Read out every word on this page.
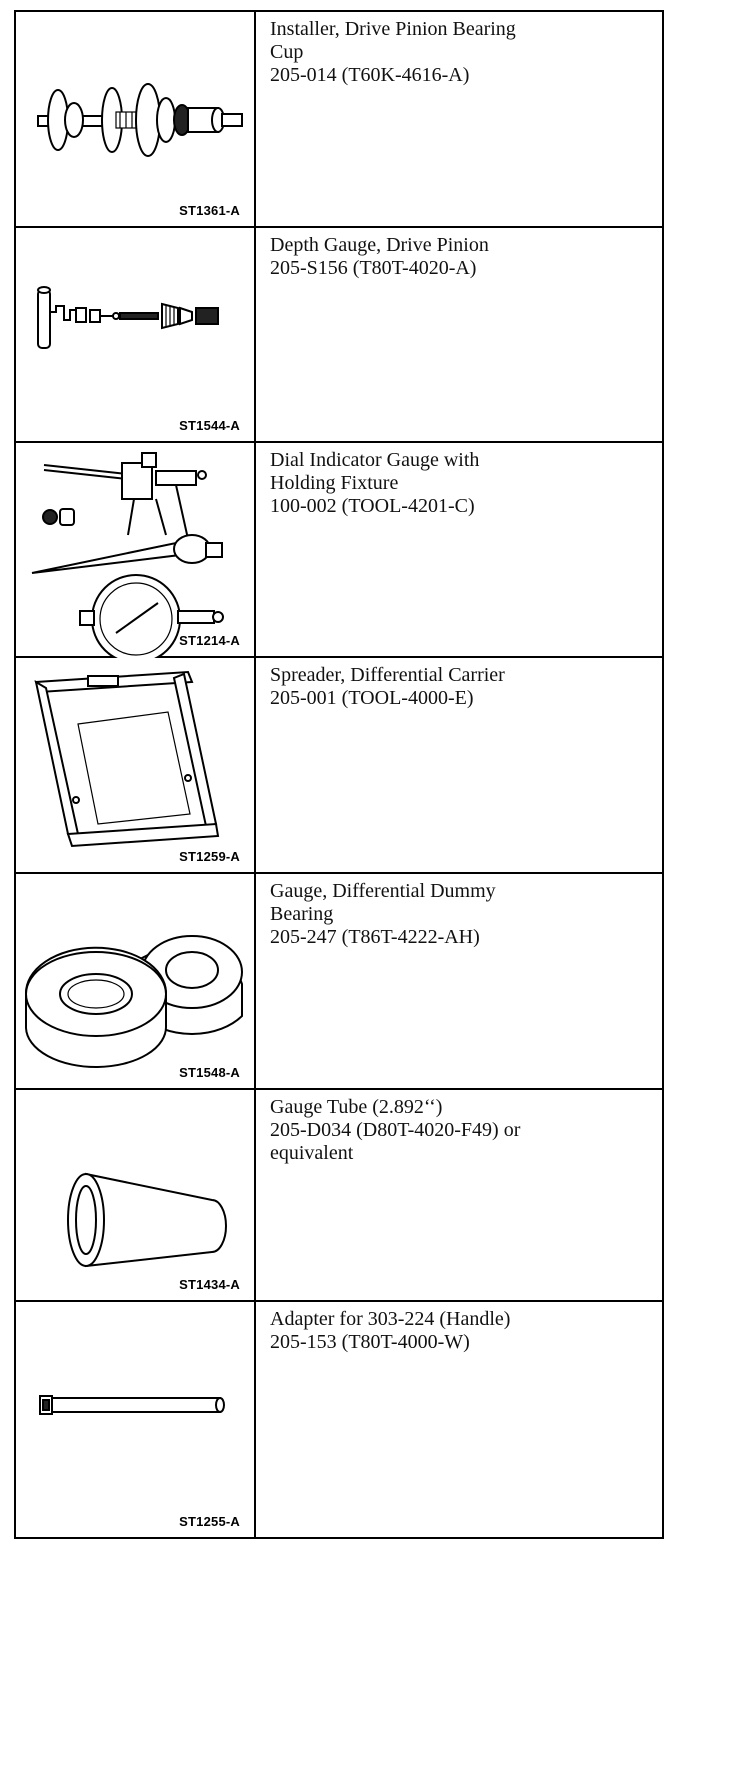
ST1361-A	Installer, Drive Pinion Bearing
Cup
205-014 (T60K-4616-A)

ST1544-A	Depth Gauge, Drive Pinion
205-S156 (T80T-4020-A)

ST1214-A	Dial Indicator Gauge with
Holding Fixture
100-002 (TOOL-4201-C)

ST1259-A	Spreader, Differential Carrier
205-001 (TOOL-4000-E)

ST1548-A	Gauge, Differential Dummy
Bearing
205-247 (T86T-4222-AH)

ST1434-A	Gauge Tube (2.892‘‘)
205-D034 (D80T-4020-F49) or
equivalent

ST1255-A	Adapter for 303-224 (Handle)
205-153 (T80T-4000-W)
